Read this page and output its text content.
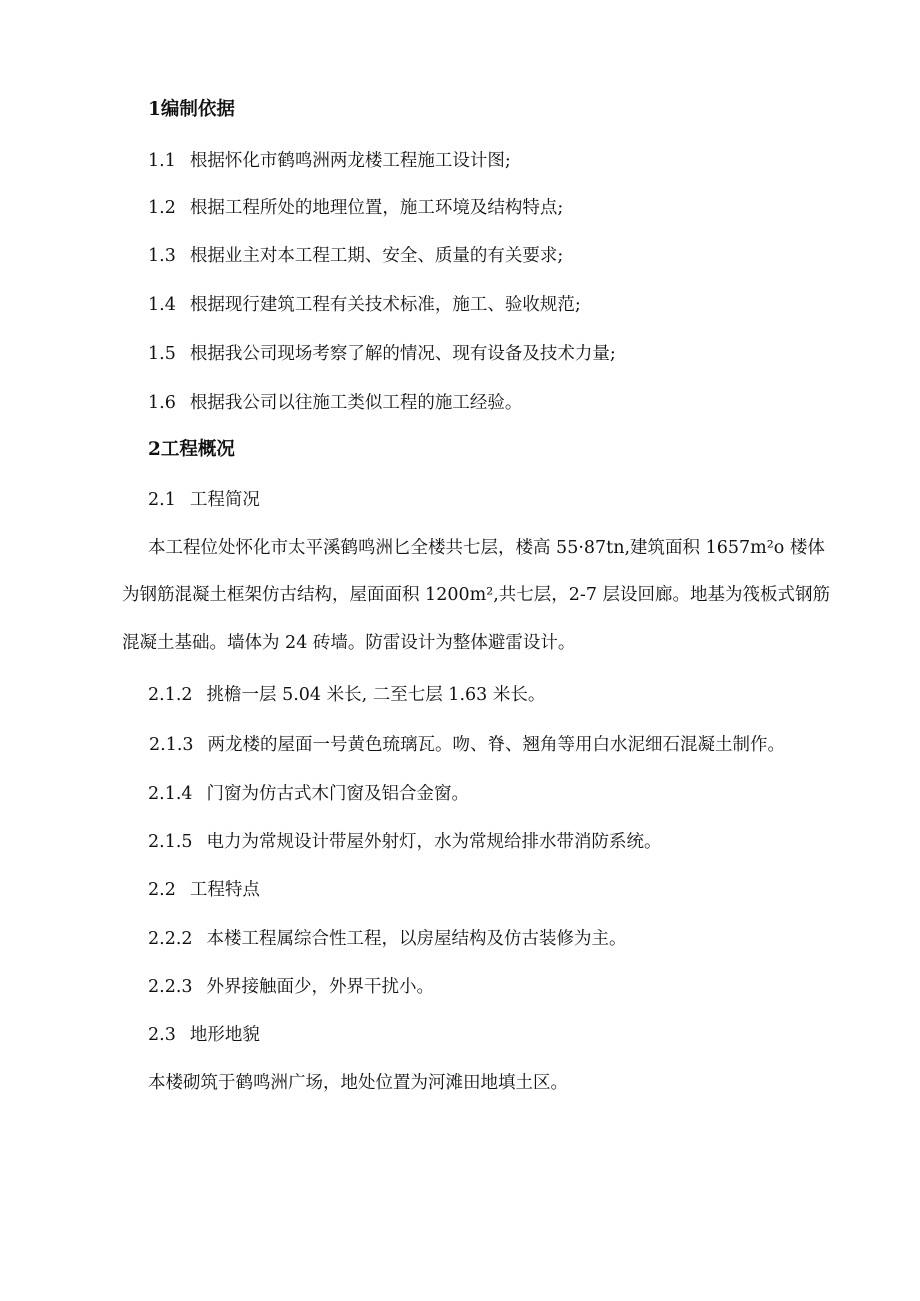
1编制依据
1.1 根据怀化市鹤鸣洲两龙楼工程施工设计图;
1.2 根据工程所处的地理位置，施工环境及结构特点;
1.3 根据业主对本工程工期、安全、质量的有关要求;
1.4 根据现行建筑工程有关技术标准，施工、验收规范;
1.5 根据我公司现场考察了解的情况、现有设备及技术力量;
1.6 根据我公司以往施工类似工程的施工经验。
2工程概况
2.1 工程简况
本工程位处怀化市太平溪鹤鸣洲匕全楼共七层，楼高 55·87tn,建筑面积 1657m²o 楼体
为钢筋混凝土框架仿古结构，屋面面积 1200m²,共七层，2-7 层设回廊。地基为筏板式钢筋
混凝土基础。墙体为 24 砖墙。防雷设计为整体避雷设计。
2.1.2 挑檐一层 5.04 米长, 二至七层 1.63 米长。
2.1.3 两龙楼的屋面一号黄色琉璃瓦。吻、脊、翘角等用白水泥细石混凝土制作。
2.1.4 门窗为仿古式木门窗及铝合金窗。
2.1.5 电力为常规设计带屋外射灯，水为常规给排水带消防系统。
2.2 工程特点
2.2.2 本楼工程属综合性工程，以房屋结构及仿古装修为主。
2.2.3 外界接触面少，外界干扰小。
2.3 地形地貌
本楼砌筑于鹤鸣洲广场，地处位置为河滩田地填土区。
